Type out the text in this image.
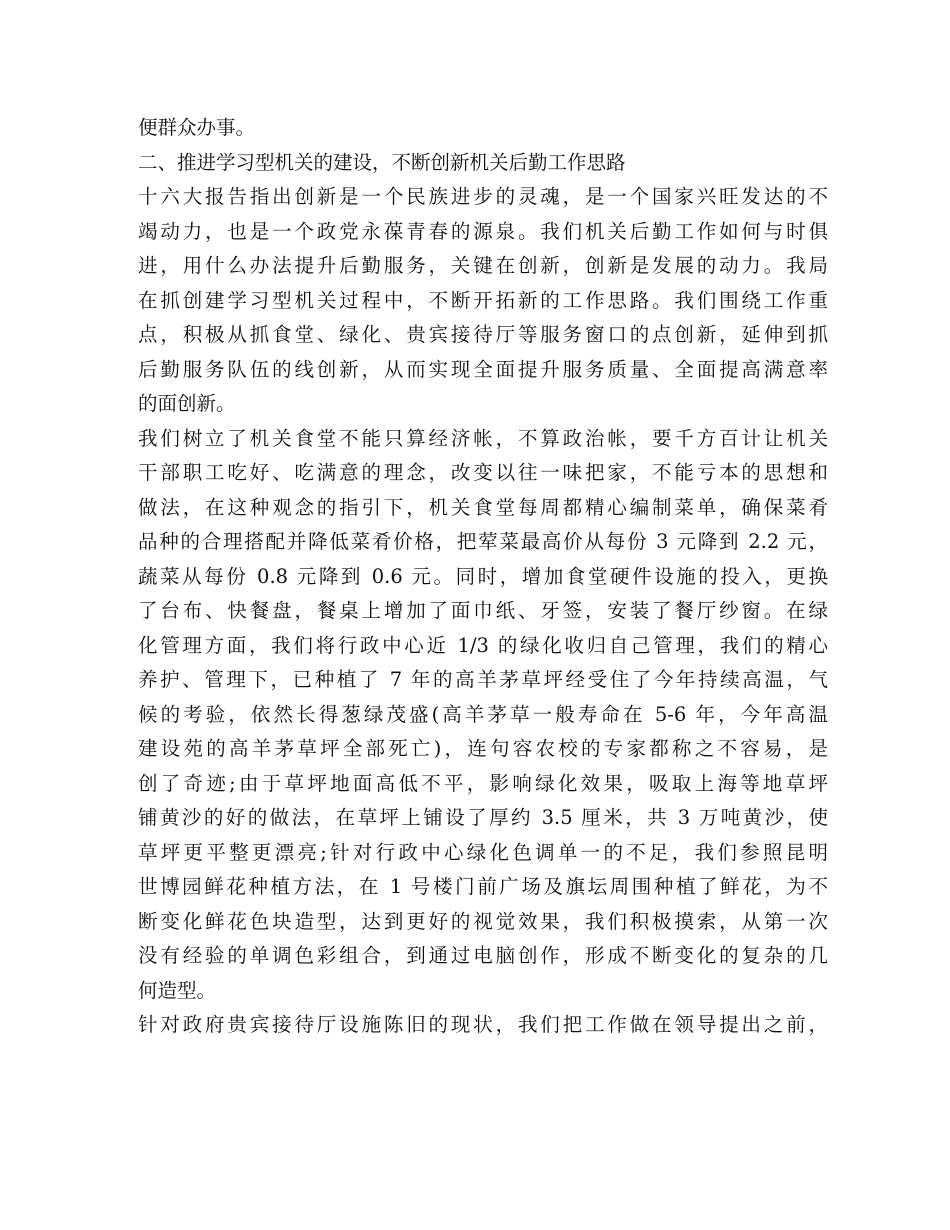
便群众办事。
二、推进学习型机关的建设，不断创新机关后勤工作思路
十六大报告指出创新是一个民族进步的灵魂，是一个国家兴旺发达的不
竭动力，也是一个政党永葆青春的源泉。我们机关后勤工作如何与时俱
进，用什么办法提升后勤服务，关键在创新，创新是发展的动力。我局
在抓创建学习型机关过程中，不断开拓新的工作思路。我们围绕工作重
点，积极从抓食堂、绿化、贵宾接待厅等服务窗口的点创新，延伸到抓
后勤服务队伍的线创新，从而实现全面提升服务质量、全面提高满意率
的面创新。
我们树立了机关食堂不能只算经济帐，不算政治帐，要千方百计让机关
干部职工吃好、吃满意的理念，改变以往一味把家，不能亏本的思想和
做法，在这种观念的指引下，机关食堂每周都精心编制菜单，确保菜肴
品种的合理搭配并降低菜肴价格，把荤菜最高价从每份 3 元降到 2.2 元，
蔬菜从每份 0.8 元降到 0.6 元。同时，增加食堂硬件设施的投入，更换
了台布、快餐盘，餐桌上增加了面巾纸、牙签，安装了餐厅纱窗。在绿
化管理方面，我们将行政中心近 1/3 的绿化收归自己管理，我们的精心
养护、管理下，已种植了 7 年的高羊茅草坪经受住了今年持续高温，气
候的考验，依然长得葱绿茂盛(高羊茅草一般寿命在 5-6 年，今年高温
建设苑的高羊茅草坪全部死亡)，连句容农校的专家都称之不容易，是
创了奇迹;由于草坪地面高低不平，影响绿化效果，吸取上海等地草坪
铺黄沙的好的做法，在草坪上铺设了厚约 3.5 厘米，共 3 万吨黄沙，使
草坪更平整更漂亮;针对行政中心绿化色调单一的不足，我们参照昆明
世博园鲜花种植方法，在 1 号楼门前广场及旗坛周围种植了鲜花，为不
断变化鲜花色块造型，达到更好的视觉效果，我们积极摸索，从第一次
没有经验的单调色彩组合，到通过电脑创作，形成不断变化的复杂的几
何造型。
针对政府贵宾接待厅设施陈旧的现状，我们把工作做在领导提出之前，
